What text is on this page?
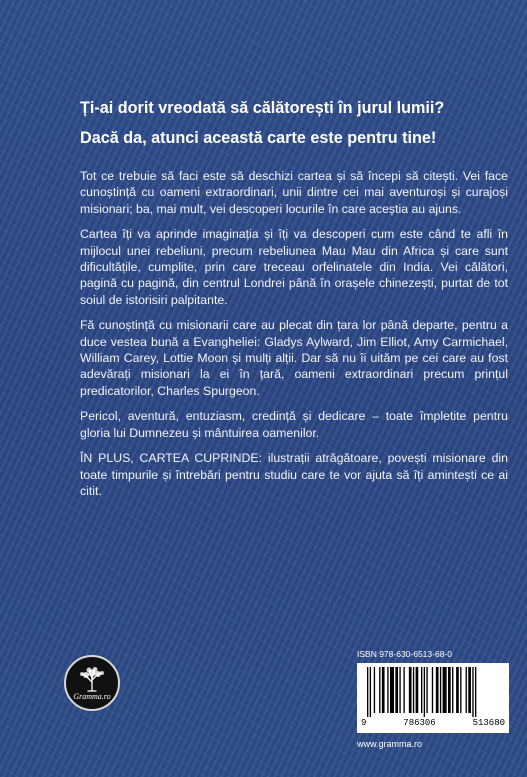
Ți-ai dorit vreodată să călătorești în jurul lumii?
Dacă da, atunci această carte este pentru tine!

Tot ce trebuie să faci este să deschizi cartea și să începi să citești. Vei face cunoștință cu oameni extraordinari, unii dintre cei mai aventuroși și curajoși misionari; ba, mai mult, vei descoperi locurile în care aceștia au ajuns.

Cartea îți va aprinde imaginația și îți va descoperi cum este când te afli în mijlocul unei rebeliuni, precum rebeliunea Mau Mau din Africa și care sunt dificultățile, cumplite, prin care treceau orfelinatele din India. Vei călători, pagină cu pagină, din centrul Londrei până în orașele chinezești, purtat de tot soiul de istorisiri palpitante.

Fă cunoștință cu misionarii care au plecat din țara lor până departe, pentru a duce vestea bună a Evangheliei: Gladys Aylward, Jim Elliot, Amy Carmichael, William Carey, Lottie Moon și mulți alții. Dar să nu îi uităm pe cei care au fost adevărați misionari la ei în țară, oameni extraordinari precum prințul predicatorilor, Charles Spurgeon.

Pericol, aventură, entuziasm, credință și dedicare – toate împletite pentru gloria lui Dumnezeu și mântuirea oamenilor.

ÎN PLUS, CARTEA CUPRINDE: ilustrații atrăgătoare, povești misionare din toate timpurile și întrebări pentru studiu care te vor ajuta să îți amintești ce ai citit.

Gramma.ro

ISBN 978-630-6513-68-0

9	786306	513680
www.gramma.ro
